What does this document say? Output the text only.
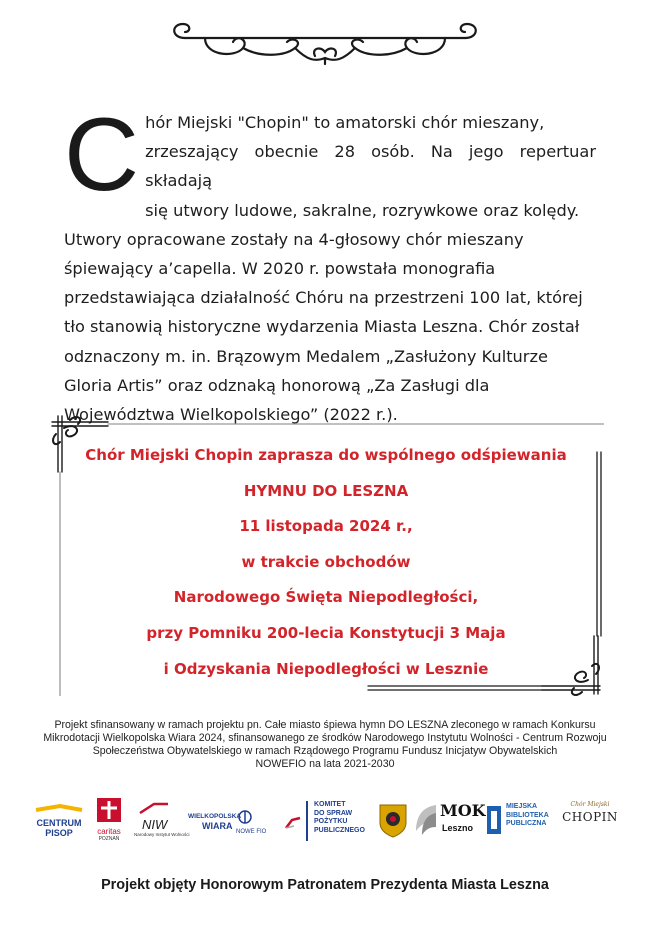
C hór Miejski "Chopin" to amatorski chór mieszany,
zrzeszający obecnie 28 osób. Na jego repertuar składają
się utwory ludowe, sakralne, rozrywkowe oraz kolędy.
Utwory opracowane zostały na 4-głosowy chór mieszany
śpiewający a’capella. W 2020 r. powstała monografia
przedstawiająca działalność Chóru na przestrzeni 100 lat, której
tło stanowią historyczne wydarzenia Miasta Leszna. Chór został
odznaczony m. in. Brązowym Medalem „Zasłużony Kulturze
Gloria Artis” oraz odznaką honorową „Za Zasługi dla
Województwa Wielkopolskiego” (2022 r.).
Chór Miejski Chopin zaprasza do wspólnego odśpiewania
HYMNU DO LESZNA
11 listopada 2024 r.,
w trakcie obchodów
Narodowego Święta Niepodległości,
przy Pomniku 200-lecia Konstytucji 3 Maja
i Odzyskania Niepodległości w Lesznie
Projekt sfinansowany w ramach projektu pn. Całe miasto śpiewa hymn DO LESZNA zleconego w ramach Konkursu
Mikrodotacji Wielkopolska Wiara 2024, sfinansowanego ze środków Narodowego Instytutu Wolności - Centrum Rozwoju
Społeczeństwa Obywatelskiego w ramach Rządowego Programu Fundusz Inicjatyw Obywatelskich
NOWEFIO na lata 2021-2030
CENTRUM
PISOP	caritas
POZNAŃ
NIW
Narodowy Instytut Wolności
WIELKOPOLSKA
WIARA
NOWE FIO
KOMITET
DO SPRAW
POŻYTKU
PUBLICZNEGO
MOK
Leszno
MIEJSKA
BIBLIOTEKA
PUBLICZNA
Chór Miejski
CHOPIN
Projekt objęty Honorowym Patronatem Prezydenta Miasta Leszna
